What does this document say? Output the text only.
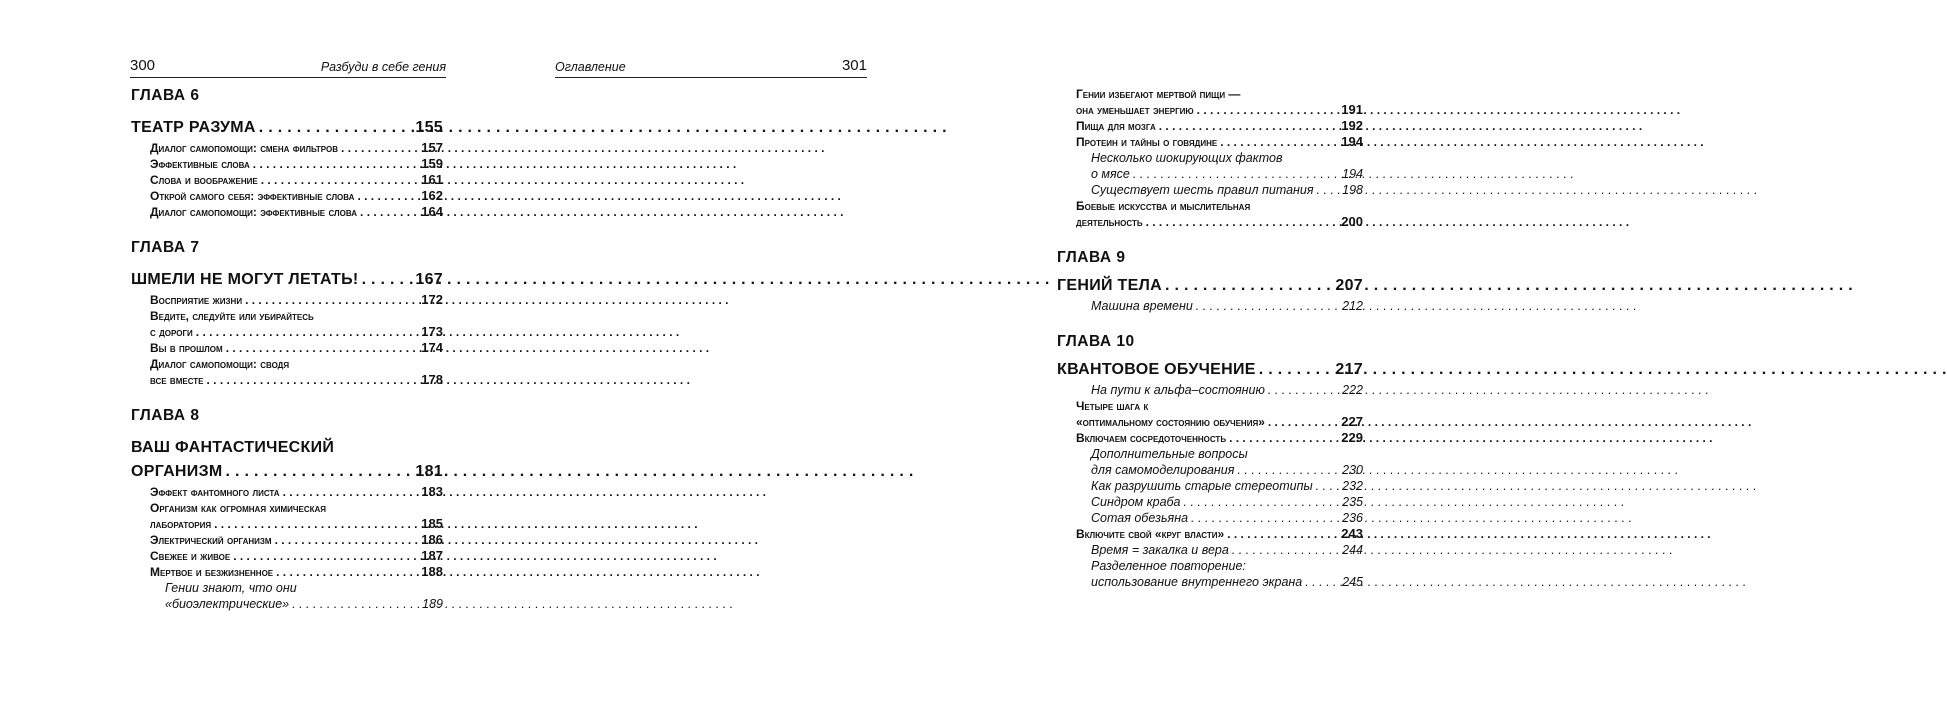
300	Разбуди в себе гения
ГЛАВА 6
ТЕАТР РАЗУМА . . .	155
Диалог самопомощи: смена фильтров . . .	157
Эффективные слова . . .	159
Слова и воображение . . .	161
Открой самого себя: эффективные слова . . .	162
Диалог самопомощи: эффективные слова . . .	164
ГЛАВА 7
ШМЕЛИ НЕ МОГУТ ЛЕТАТЬ! . . .	167
Восприятие жизни . . .	172
Ведите, следуйте или убирайтесь
с дороги . . .	173
Вы в прошлом . . .	174
Диалог самопомощи: сводя
все вместе . . .	178
ГЛАВА 8
ВАШ ФАНТАСТИЧЕСКИЙ
ОРГАНИЗМ . . .	181
Эффект фантомного листа . . .	183
Организм как огромная химическая
лаборатория . . .	185
Электрический организм . . .	186
Свежее и живое . . .	187
Мертвое и безжизненное . . .	188
Гении знают, что они
«биоэлектрические» . . .	189
Оглавление	301
Гении избегают мертвой пищи —
она уменьшает энергию . . .	191
Пища для мозга . . .	192
Протеин и тайны о говядине . . .	194
Несколько шокирующих фактов
о мясе . . .	194
Существует шесть правил питания . . . 198
Боевые искусства и мыслительная
деятельность . . .	200
ГЛАВА 9
ГЕНИЙ ТЕЛА . . .	207
Машина времени . . .	212
ГЛАВА 10
КВАНТОВОЕ ОБУЧЕНИЕ . . .	217
На пути к альфа–состоянию . . .	222
Четыре шага к
«оптимальному состоянию обучения» . . .	227
Включаем сосредоточенность . . .	229
Дополнительные вопросы
для самомоделирования . . .	230
Как разрушить старые стереотипы . . . 232
Синдром краба . . .	235
Сотая обезьяна . . .	236
Включите свой «круг власти» . . .	243
Время = закалка и вера . . .	244
Разделенное повторение:
использование внутреннего экрана . . .	245
